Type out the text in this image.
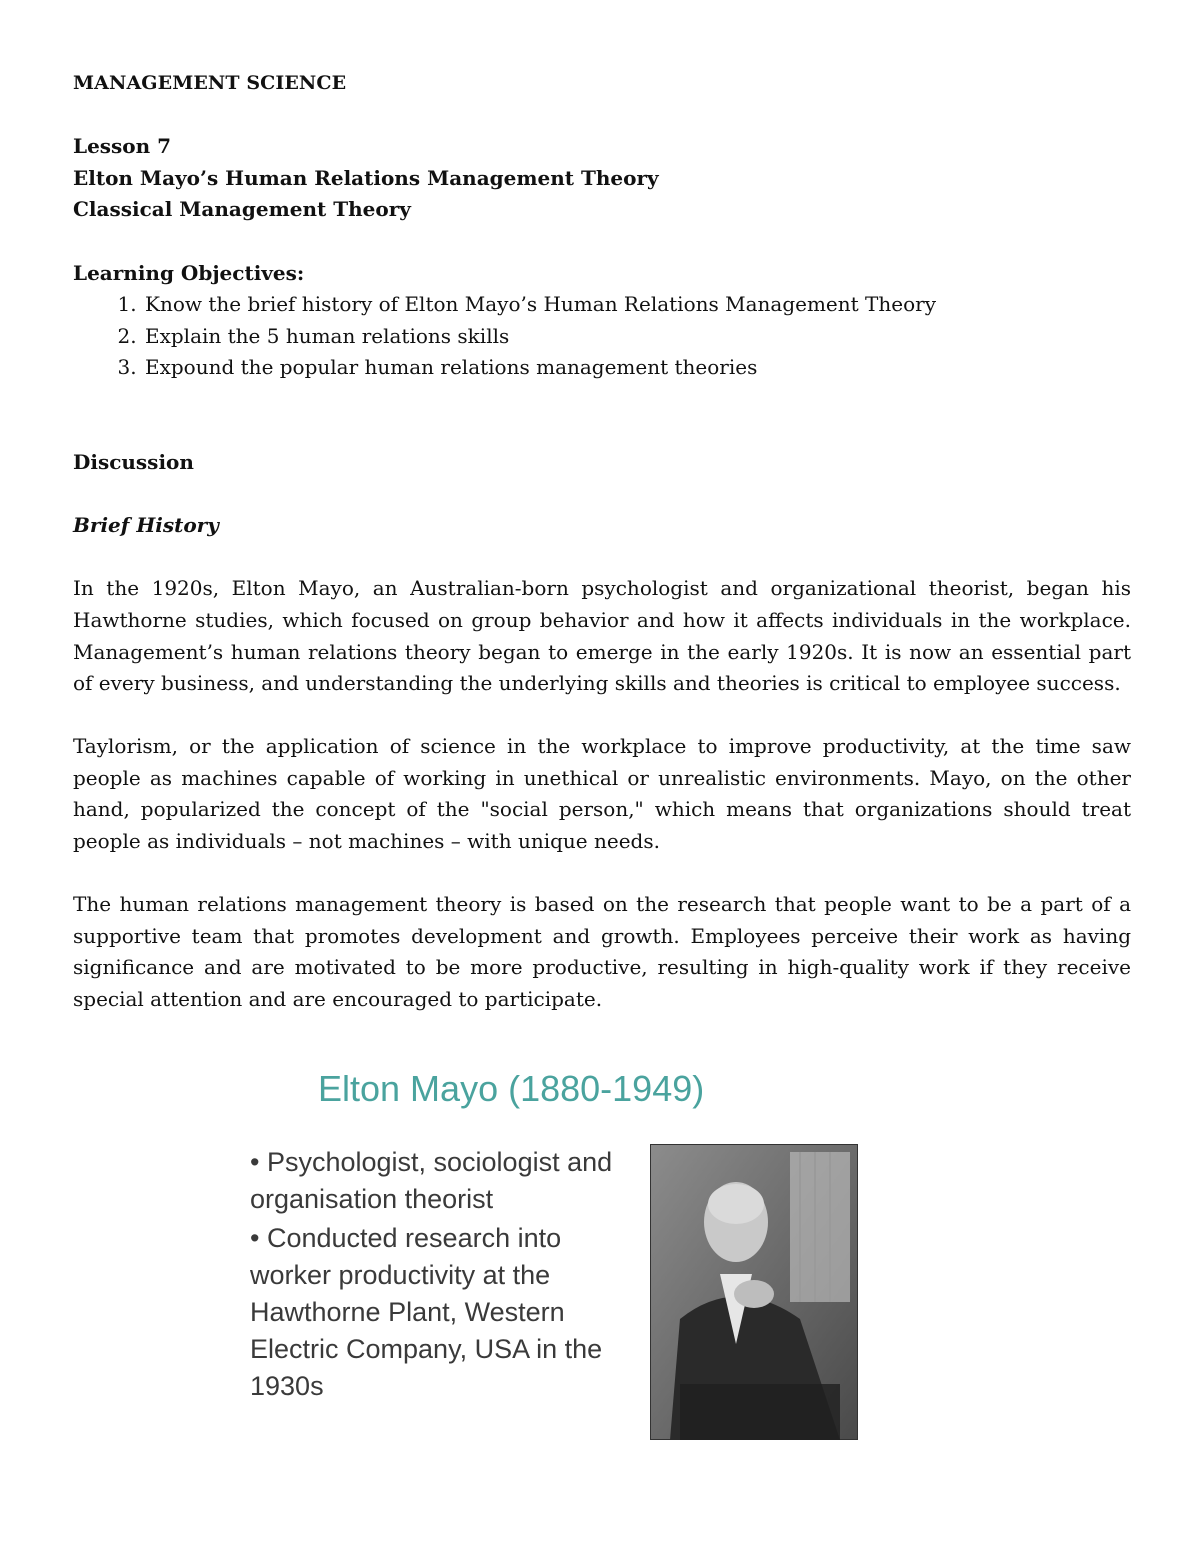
MANAGEMENT SCIENCE

Lesson 7

Elton Mayo’s Human Relations Management Theory

Classical Management Theory

Learning Objectives:

1. Know the brief history of Elton Mayo’s Human Relations Management Theory
2. Explain the 5 human relations skills
3. Expound the popular human relations management theories

Discussion

Brief History

In the 1920s, Elton Mayo, an Australian-born psychologist and organizational theorist, began his Hawthorne studies, which focused on group behavior and how it affects individuals in the workplace. Management’s human relations theory began to emerge in the early 1920s. It is now an essential part of every business, and understanding the underlying skills and theories is critical to employee success.

Taylorism, or the application of science in the workplace to improve productivity, at the time saw people as machines capable of working in unethical or unrealistic environments. Mayo, on the other hand, popularized the concept of the "social person," which means that organizations should treat people as individuals – not machines – with unique needs.

The human relations management theory is based on the research that people want to be a part of a supportive team that promotes development and growth. Employees perceive their work as having significance and are motivated to be more productive, resulting in high-quality work if they receive special attention and are encouraged to participate.

Elton Mayo (1880-1949)

• Psychologist, sociologist and organisation theorist

• Conducted research into worker productivity at the Hawthorne Plant, Western Electric Company, USA in the 1930s
